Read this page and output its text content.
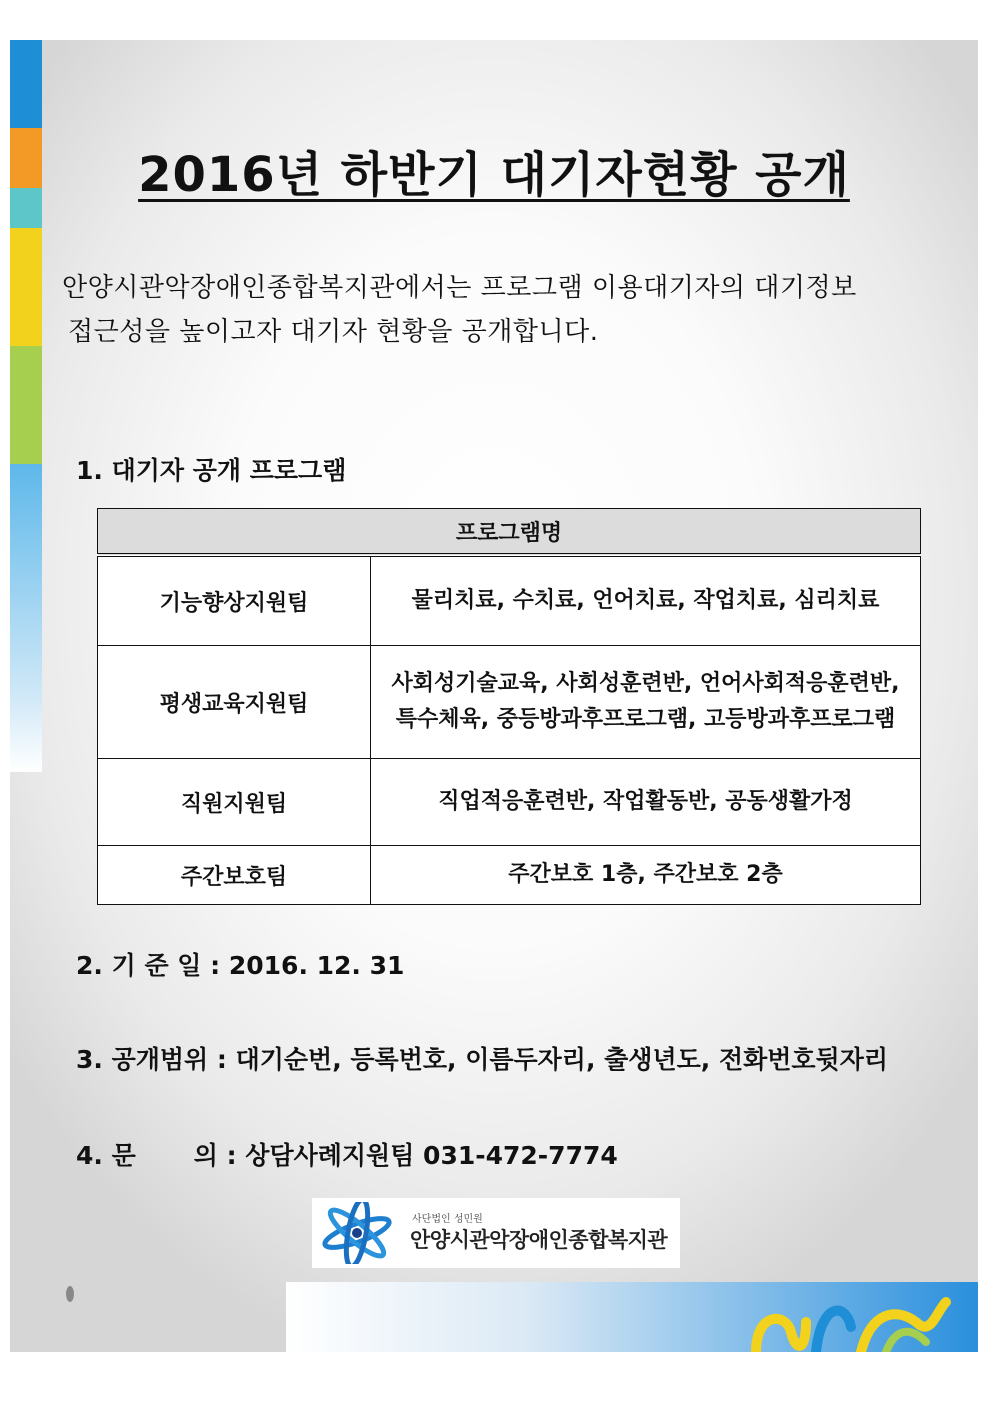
2016년 하반기 대기자현황 공개

안양시관악장애인종합복지관에서는 프로그램 이용대기자의 대기정보

접근성을 높이고자 대기자 현황을 공개합니다.

1. 대기자 공개 프로그램

프로그램명	
기능향상지원팀	물리치료, 수치료, 언어치료, 작업치료, 심리치료
평생교육지원팀	사회성기술교육, 사회성훈련반, 언어사회적응훈련반,
특수체육, 중등방과후프로그램, 고등방과후프로그램
직원지원팀	직업적응훈련반, 작업활동반, 공동생활가정
주간보호팀	주간보호 1층, 주간보호 2층

2. 기 준 일 : 2016. 12. 31

3. 공개범위 : 대기순번, 등록번호, 이름두자리, 출생년도, 전화번호뒷자리

4. 문 의 : 상담사례지원팀 031-472-7774

사단법인 성민원
안양시관악장애인종합복지관
